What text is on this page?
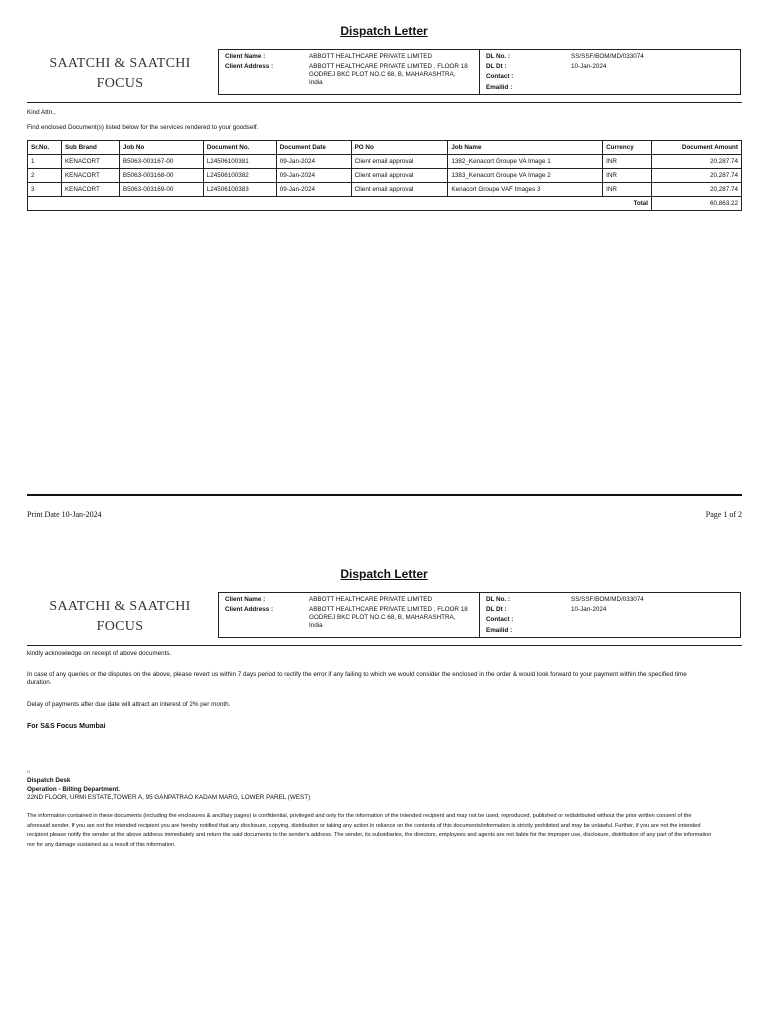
Dispatch Letter
SAATCHI & SAATCHI
FOCUS
Client Name :	ABBOTT HEALTHCARE PRIVATE LIMITED
Client Address :	ABBOTT HEALTHCARE PRIVATE LIMITED , FLOOR 18
GODREJ BKC PLOT NO.C 68, B, MAHARASHTRA,
India
DL No. :	SS/SSF/BOM/MD/033074
DL Dt :	10-Jan-2024
Contact :
Emailid :
Kind Attn.,
Find enclosed Document(s) listed below for the services rendered to your goodself.
Sr.No.	Sub Brand	Job No	Document No.	Document Date	PO No	Job Name	Currency	Document Amount
1	KENACORT	B5063-003167-00	L24506100381	09-Jan-2024	Client email approval	1382_Kenacort Groupe VA Image 1	INR	20,287.74
2	KENACORT	B5063-003168-00	L24506100382	09-Jan-2024	Client email approval	1383_Kenacort Groupe VA Image 2	INR	20,287.74
3	KENACORT	B5063-003169-00	L24506100383	09-Jan-2024	Client email approval	Kenacort Groupe VAF Images 3	INR	20,287.74
Total								60,863.22
Print Date 10-Jan-2024	Page 1 of 2
Dispatch Letter
SAATCHI & SAATCHI
FOCUS
Client Name :	ABBOTT HEALTHCARE PRIVATE LIMITED
Client Address :	ABBOTT HEALTHCARE PRIVATE LIMITED , FLOOR 18
GODREJ BKC PLOT NO.C 68, B, MAHARASHTRA,
India
DL No. :	SS/SSF/BOM/MD/033074
DL Dt :	10-Jan-2024
Contact :
Emailid :
kindly acknowledge on receipt of above documents.
In case of any queries or the disputes on the above, please revert us within 7 days period to rectify the error if any failing to which we would consider the enclosed in the order & would look forward to your payment within the specified time
duration.
Delay of payments after due date will attract an interest of 2% per month.
For S&S Focus Mumbai
u
Dispatch Desk
Operation - Billing Department.
22ND FLOOR, URMI ESTATE,TOWER A, 95 GANPATRAO KADAM MARG, LOWER PAREL (WEST)
The information contained in these documents (including the enclosures & ancillary pages) is confidential, privileged and only for the information of the intended recipient and may not be used, reproduced, published or redistributed without the prior written consent of the
aforesaid sender. If you are not the intended recipient you are hereby notified that any disclosure, copying, distribution or taking any action in reliance on the contents of this documents/information is strictly prohibited and may be unlawful. Further, if you are not the intended
recipient please notify the sender at the above address immediately and return the said documents to the sender's address. The sender, its subsidiaries, the directors, employees and agents are not liable for the improper use, disclosure, distribution of any part of the information
nor for any damage sustained as a result of this information.
